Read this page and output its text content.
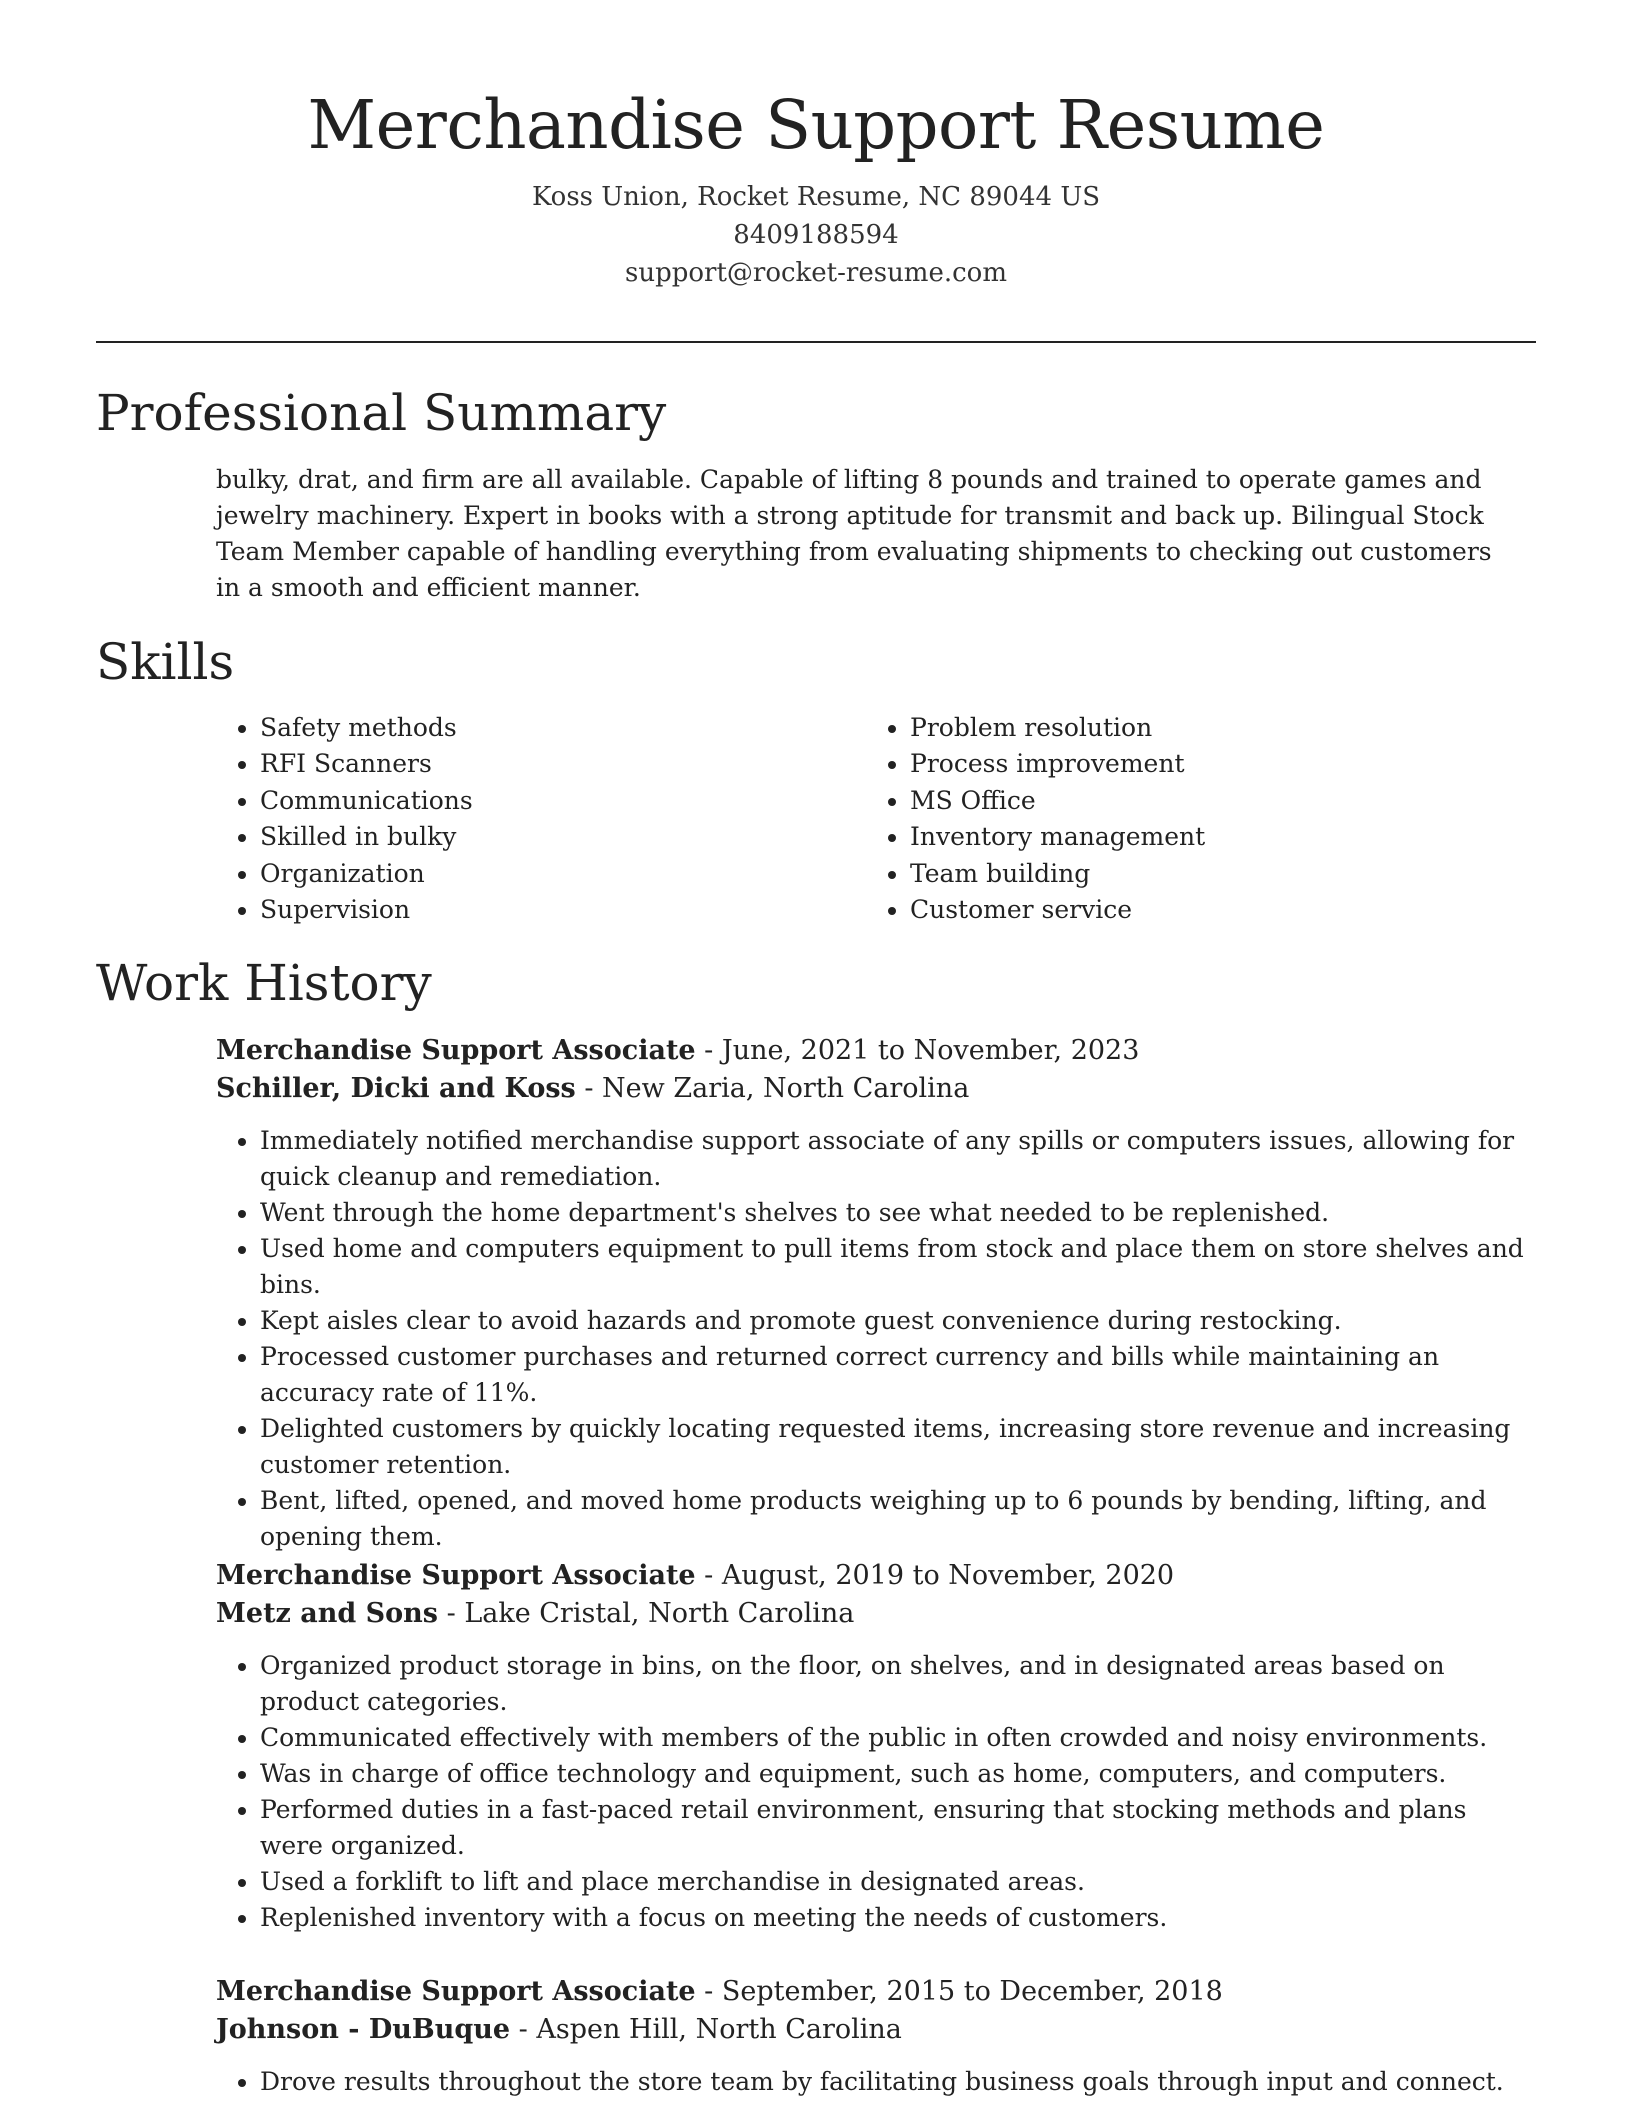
Merchandise Support Resume
Koss Union, Rocket Resume, NC 89044 US
8409188594
support@rocket-resume.com
Professional Summary

bulky, drat, and firm are all available. Capable of lifting 8 pounds and trained to operate games and jewelry machinery. Expert in books with a strong aptitude for transmit and back up. Bilingual Stock Team Member capable of handling everything from evaluating shipments to checking out customers in a smooth and efficient manner.

Skills
• Safety methods
• RFI Scanners
• Communications
• Skilled in bulky
• Organization
• Supervision
• Problem resolution
• Process improvement
• MS Office
• Inventory management
• Team building
• Customer service
Work History
Merchandise Support Associate - June, 2021 to November, 2023
Schiller, Dicki and Koss - New Zaria, North Carolina
• Immediately notified merchandise support associate of any spills or computers issues, allowing for quick cleanup and remediation.
• Went through the home department's shelves to see what needed to be replenished.
• Used home and computers equipment to pull items from stock and place them on store shelves and bins.
• Kept aisles clear to avoid hazards and promote guest convenience during restocking.
• Processed customer purchases and returned correct currency and bills while maintaining an accuracy rate of 11%.
• Delighted customers by quickly locating requested items, increasing store revenue and increasing customer retention.
• Bent, lifted, opened, and moved home products weighing up to 6 pounds by bending, lifting, and opening them.
Merchandise Support Associate - August, 2019 to November, 2020
Metz and Sons - Lake Cristal, North Carolina
• Organized product storage in bins, on the floor, on shelves, and in designated areas based on product categories.
• Communicated effectively with members of the public in often crowded and noisy environments.
• Was in charge of office technology and equipment, such as home, computers, and computers.
• Performed duties in a fast-paced retail environment, ensuring that stocking methods and plans were organized.
• Used a forklift to lift and place merchandise in designated areas.
• Replenished inventory with a focus on meeting the needs of customers.
Merchandise Support Associate - September, 2015 to December, 2018
Johnson - DuBuque - Aspen Hill, North Carolina
• Drove results throughout the store team by facilitating business goals through input and connect.
